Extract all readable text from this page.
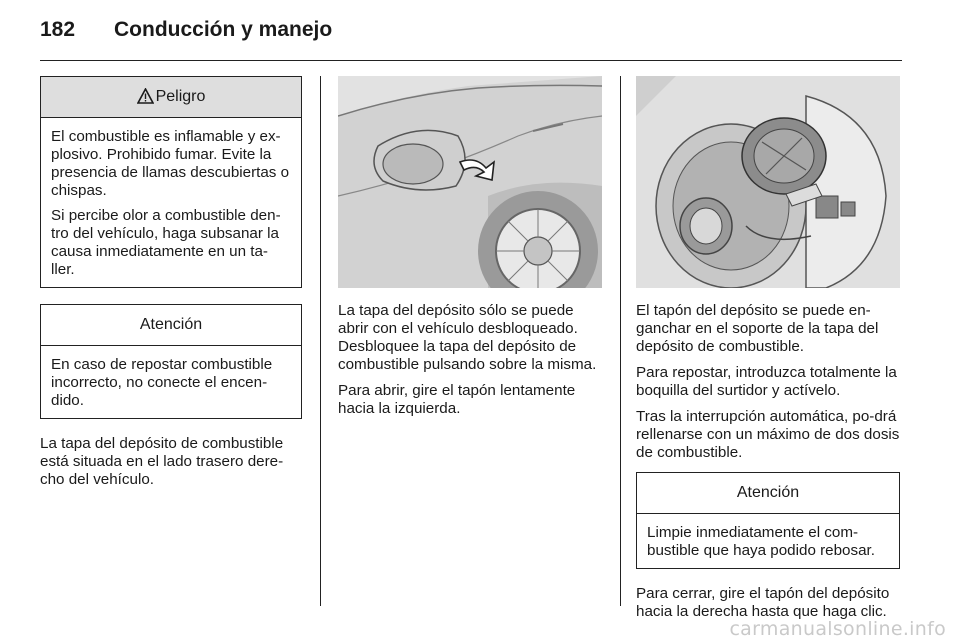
182 Conducción y manejo
Peligro

El combustible es inflamable y ex-plosivo. Prohibido fumar. Evite la presencia de llamas descubiertas o chispas.

Si percibe olor a combustible den-tro del vehículo, haga subsanar la causa inmediatamente en un ta-ller.

Atención

En caso de repostar combustible incorrecto, no conecte el encen-dido.

La tapa del depósito de combustible está situada en el lado trasero dere-cho del vehículo.

La tapa del depósito sólo se puede abrir con el vehículo desbloqueado. Desbloquee la tapa del depósito de combustible pulsando sobre la misma.

Para abrir, gire el tapón lentamente hacia la izquierda.

El tapón del depósito se puede en-ganchar en el soporte de la tapa del depósito de combustible.

Para repostar, introduzca totalmente la boquilla del surtidor y actívelo.

Tras la interrupción automática, po-drá rellenarse con un máximo de dos dosis de combustible.

Atención

Limpie inmediatamente el com-bustible que haya podido rebosar.

Para cerrar, gire el tapón del depósito hacia la derecha hasta que haga clic.

carmanualsonline.info
